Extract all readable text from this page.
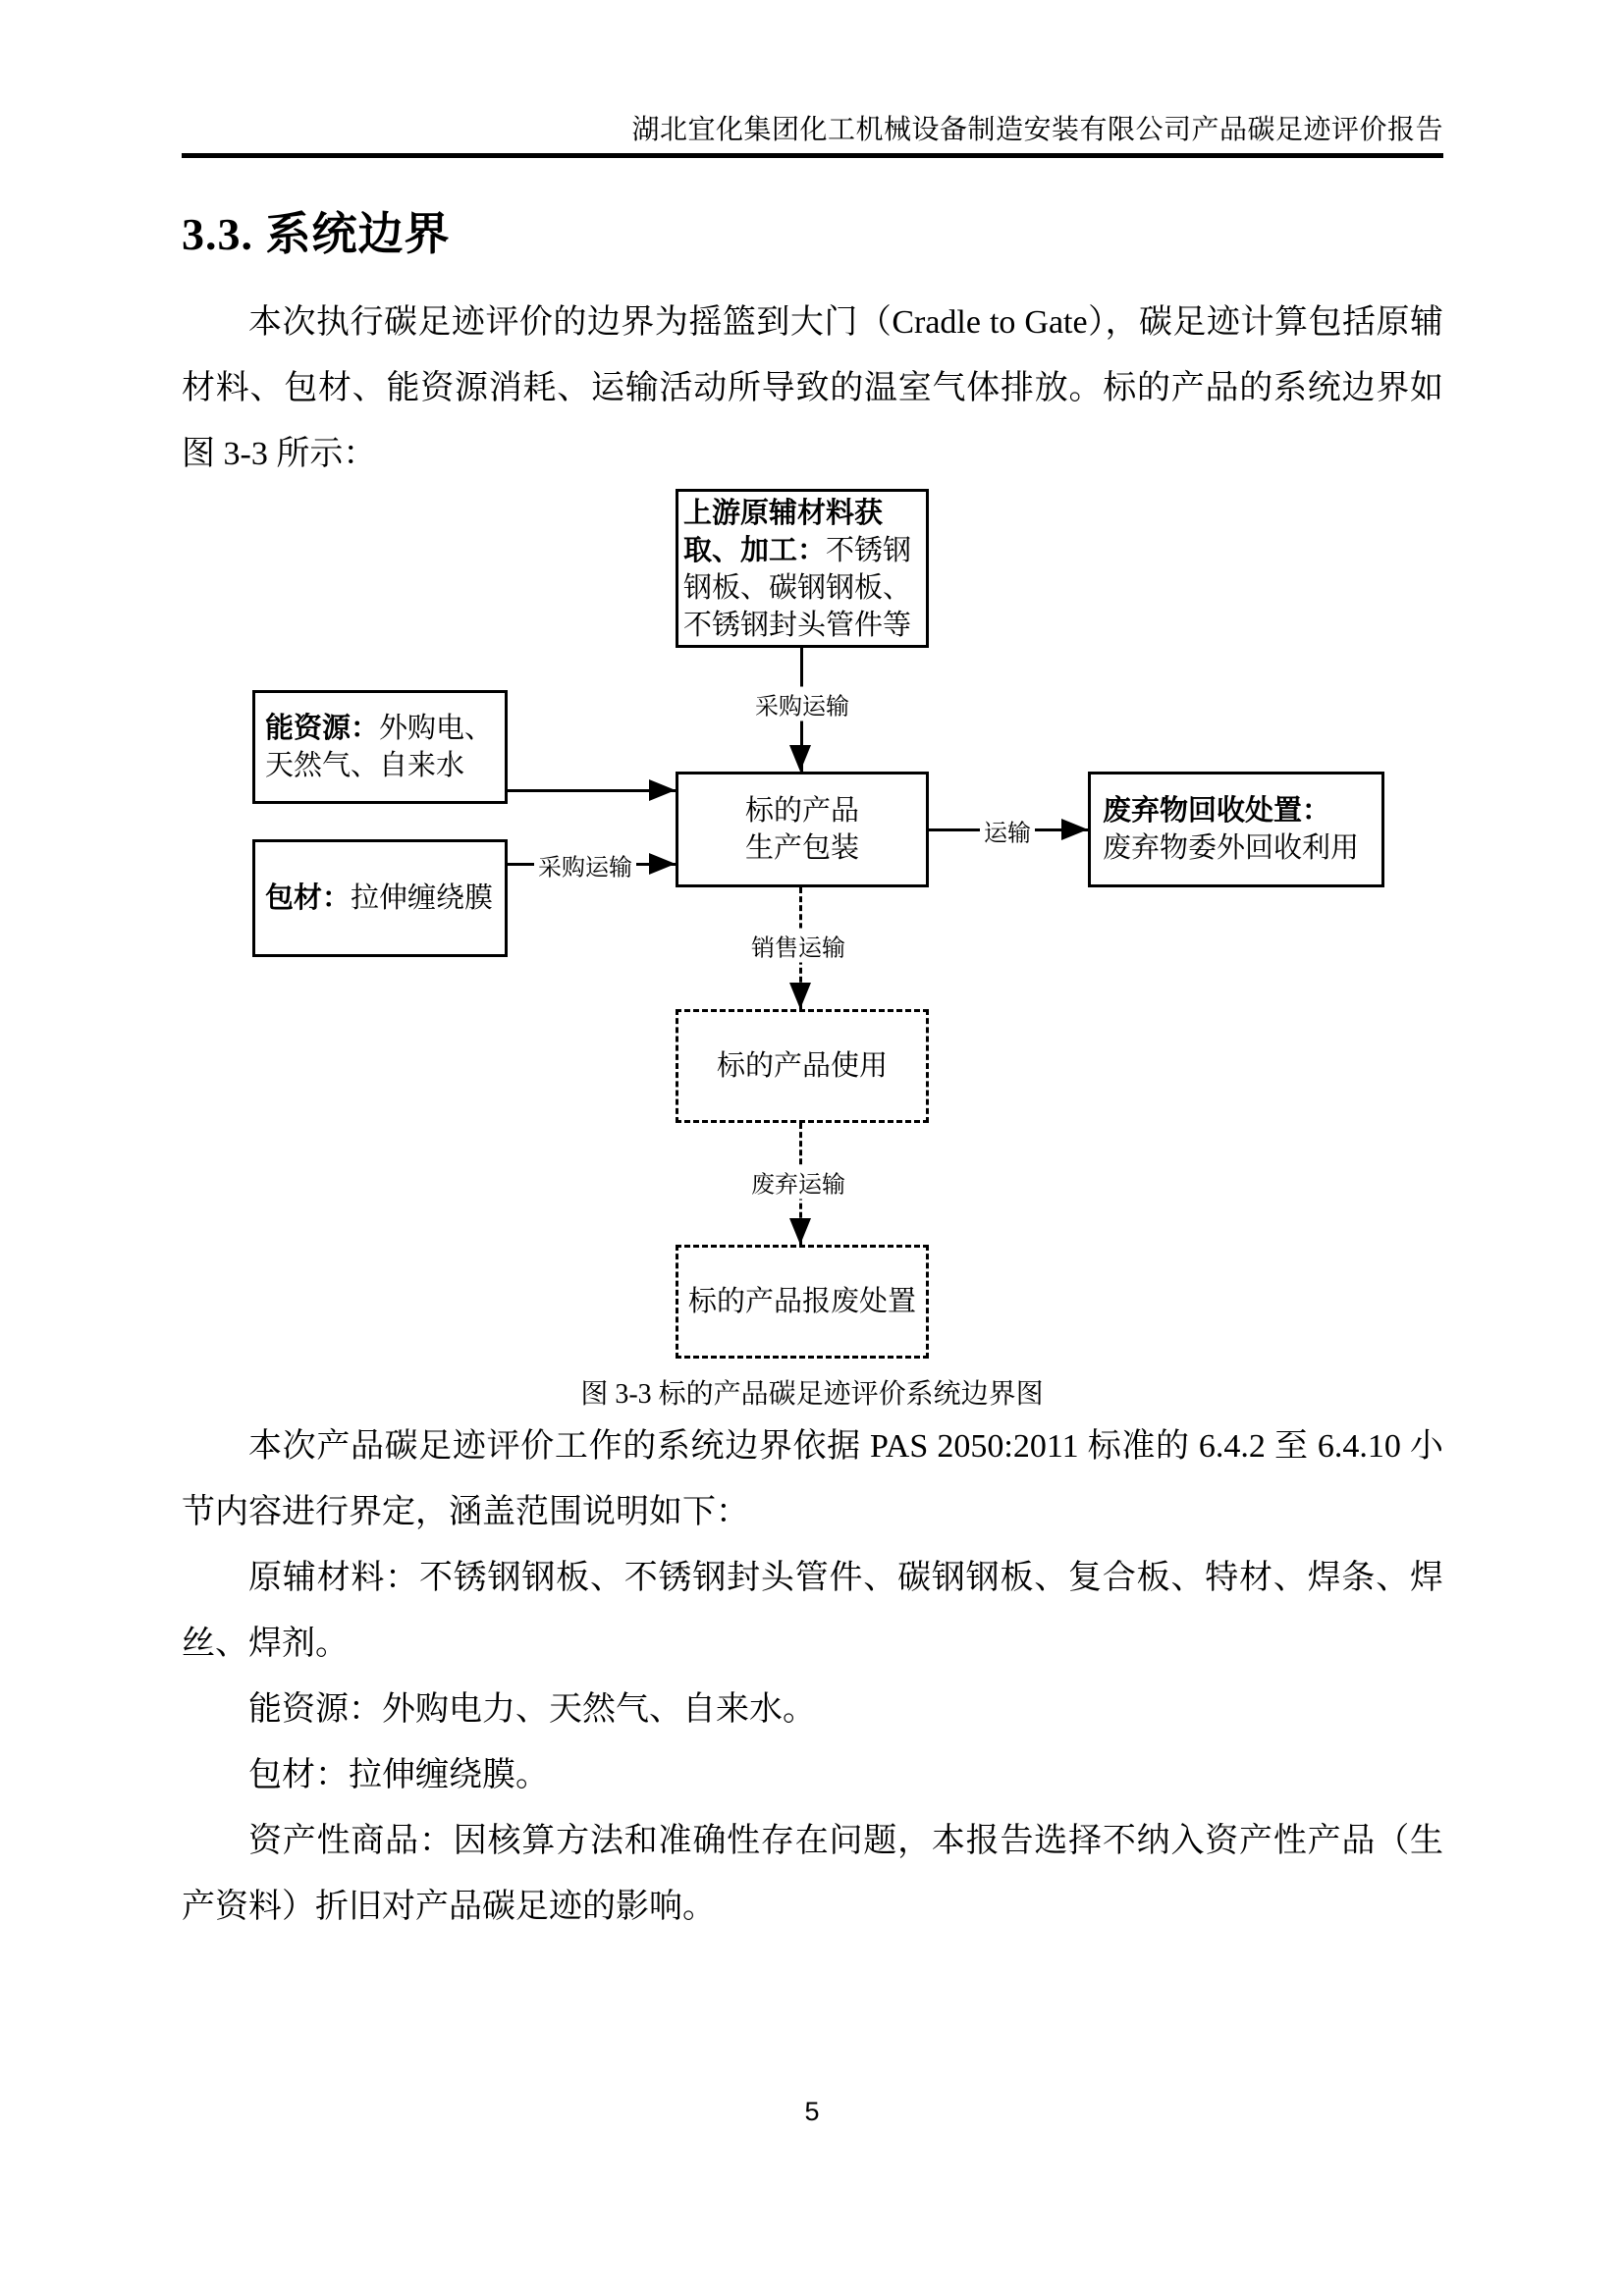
湖北宜化集团化工机械设备制造安装有限公司产品碳足迹评价报告
3.3. 系统边界

本次执行碳足迹评价的边界为摇篮到大门（Cradle to Gate），碳足迹计算包括原辅材料、包材、能资源消耗、运输活动所导致的温室气体排放。标的产品的系统边界如图 3-3 所示：

上游原辅材料获取、加工：不锈钢钢板、碳钢钢板、不锈钢封头管件等
能资源：外购电、天然气、自来水
包材：拉伸缠绕膜
标的产品
生产包装
废弃物回收处置：
废弃物委外回收利用
标的产品使用
标的产品报废处置
采购运输
采购运输
运输
销售运输
废弃运输
图 3-3 标的产品碳足迹评价系统边界图

本次产品碳足迹评价工作的系统边界依据 PAS 2050:2011 标准的 6.4.2 至 6.4.10 小节内容进行界定，涵盖范围说明如下：

原辅材料：不锈钢钢板、不锈钢封头管件、碳钢钢板、复合板、特材、焊条、焊丝、焊剂。

能资源：外购电力、天然气、自来水。

包材：拉伸缠绕膜。

资产性商品：因核算方法和准确性存在问题，本报告选择不纳入资产性产品（生产资料）折旧对产品碳足迹的影响。

5
